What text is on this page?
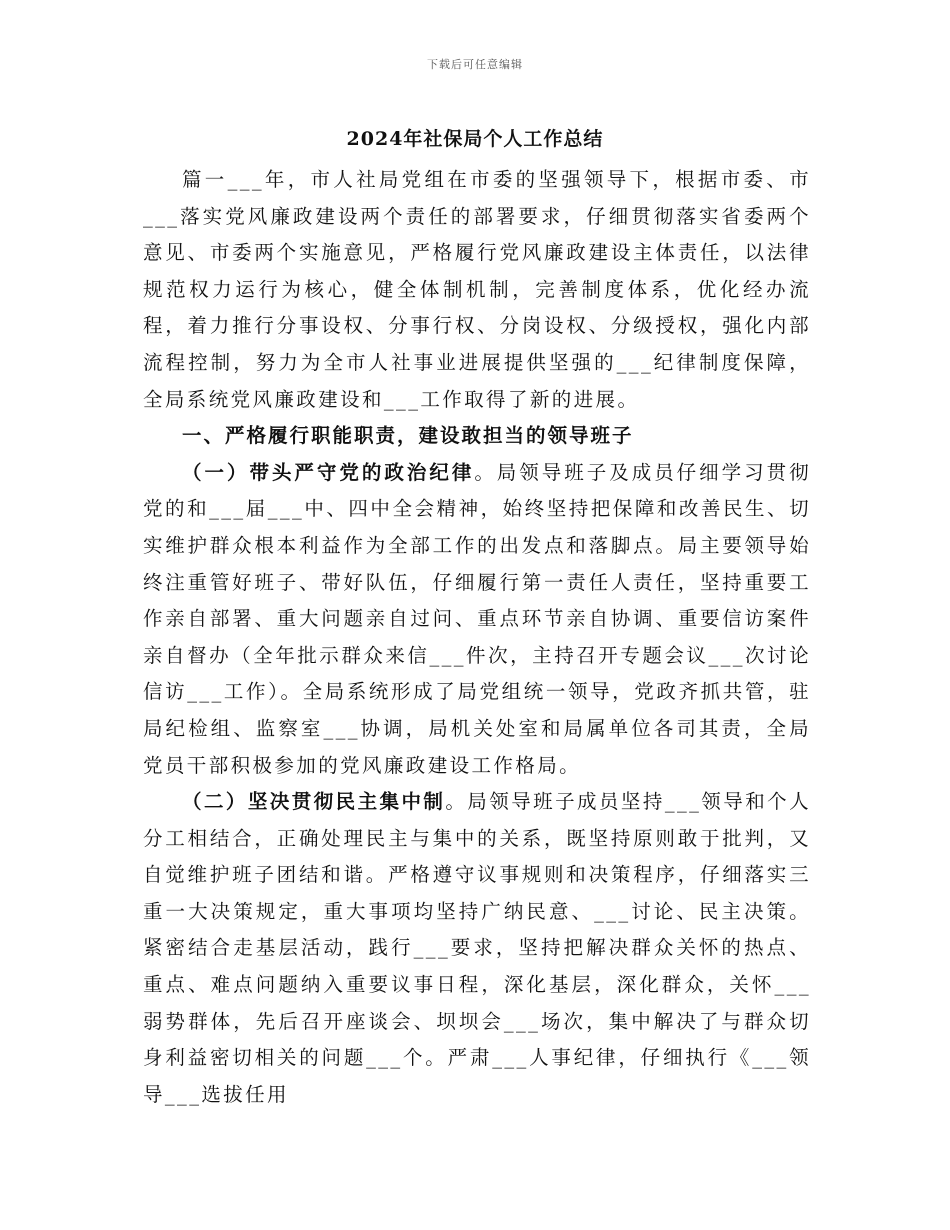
下载后可任意编辑
2024年社保局个人工作总结

篇一___年，市人社局党组在市委的坚强领导下，根据市委、市___落实党风廉政建设两个责任的部署要求，仔细贯彻落实省委两个意见、市委两个实施意见，严格履行党风廉政建设主体责任，以法律规范权力运行为核心，健全体制机制，完善制度体系，优化经办流程，着力推行分事设权、分事行权、分岗设权、分级授权，强化内部流程控制，努力为全市人社事业进展提供坚强的___纪律制度保障，全局系统党风廉政建设和___工作取得了新的进展。

一、严格履行职能职责，建设敢担当的领导班子

（一）带头严守党的政治纪律。局领导班子及成员仔细学习贯彻党的和___届___中、四中全会精神，始终坚持把保障和改善民生、切实维护群众根本利益作为全部工作的出发点和落脚点。局主要领导始终注重管好班子、带好队伍，仔细履行第一责任人责任，坚持重要工作亲自部署、重大问题亲自过问、重点环节亲自协调、重要信访案件亲自督办（全年批示群众来信___件次，主持召开专题会议___次讨论信访___工作）。全局系统形成了局党组统一领导，党政齐抓共管，驻局纪检组、监察室___协调，局机关处室和局属单位各司其责，全局党员干部积极参加的党风廉政建设工作格局。

（二）坚决贯彻民主集中制。局领导班子成员坚持___领导和个人分工相结合，正确处理民主与集中的关系，既坚持原则敢于批判，又自觉维护班子团结和谐。严格遵守议事规则和决策程序，仔细落实三重一大决策规定，重大事项均坚持广纳民意、___讨论、民主决策。紧密结合走基层活动，践行___要求，坚持把解决群众关怀的热点、重点、难点问题纳入重要议事日程，深化基层，深化群众，关怀___弱势群体，先后召开座谈会、坝坝会___场次，集中解决了与群众切身利益密切相关的问题___个。严肃___人事纪律，仔细执行《___领导___选拔任用
